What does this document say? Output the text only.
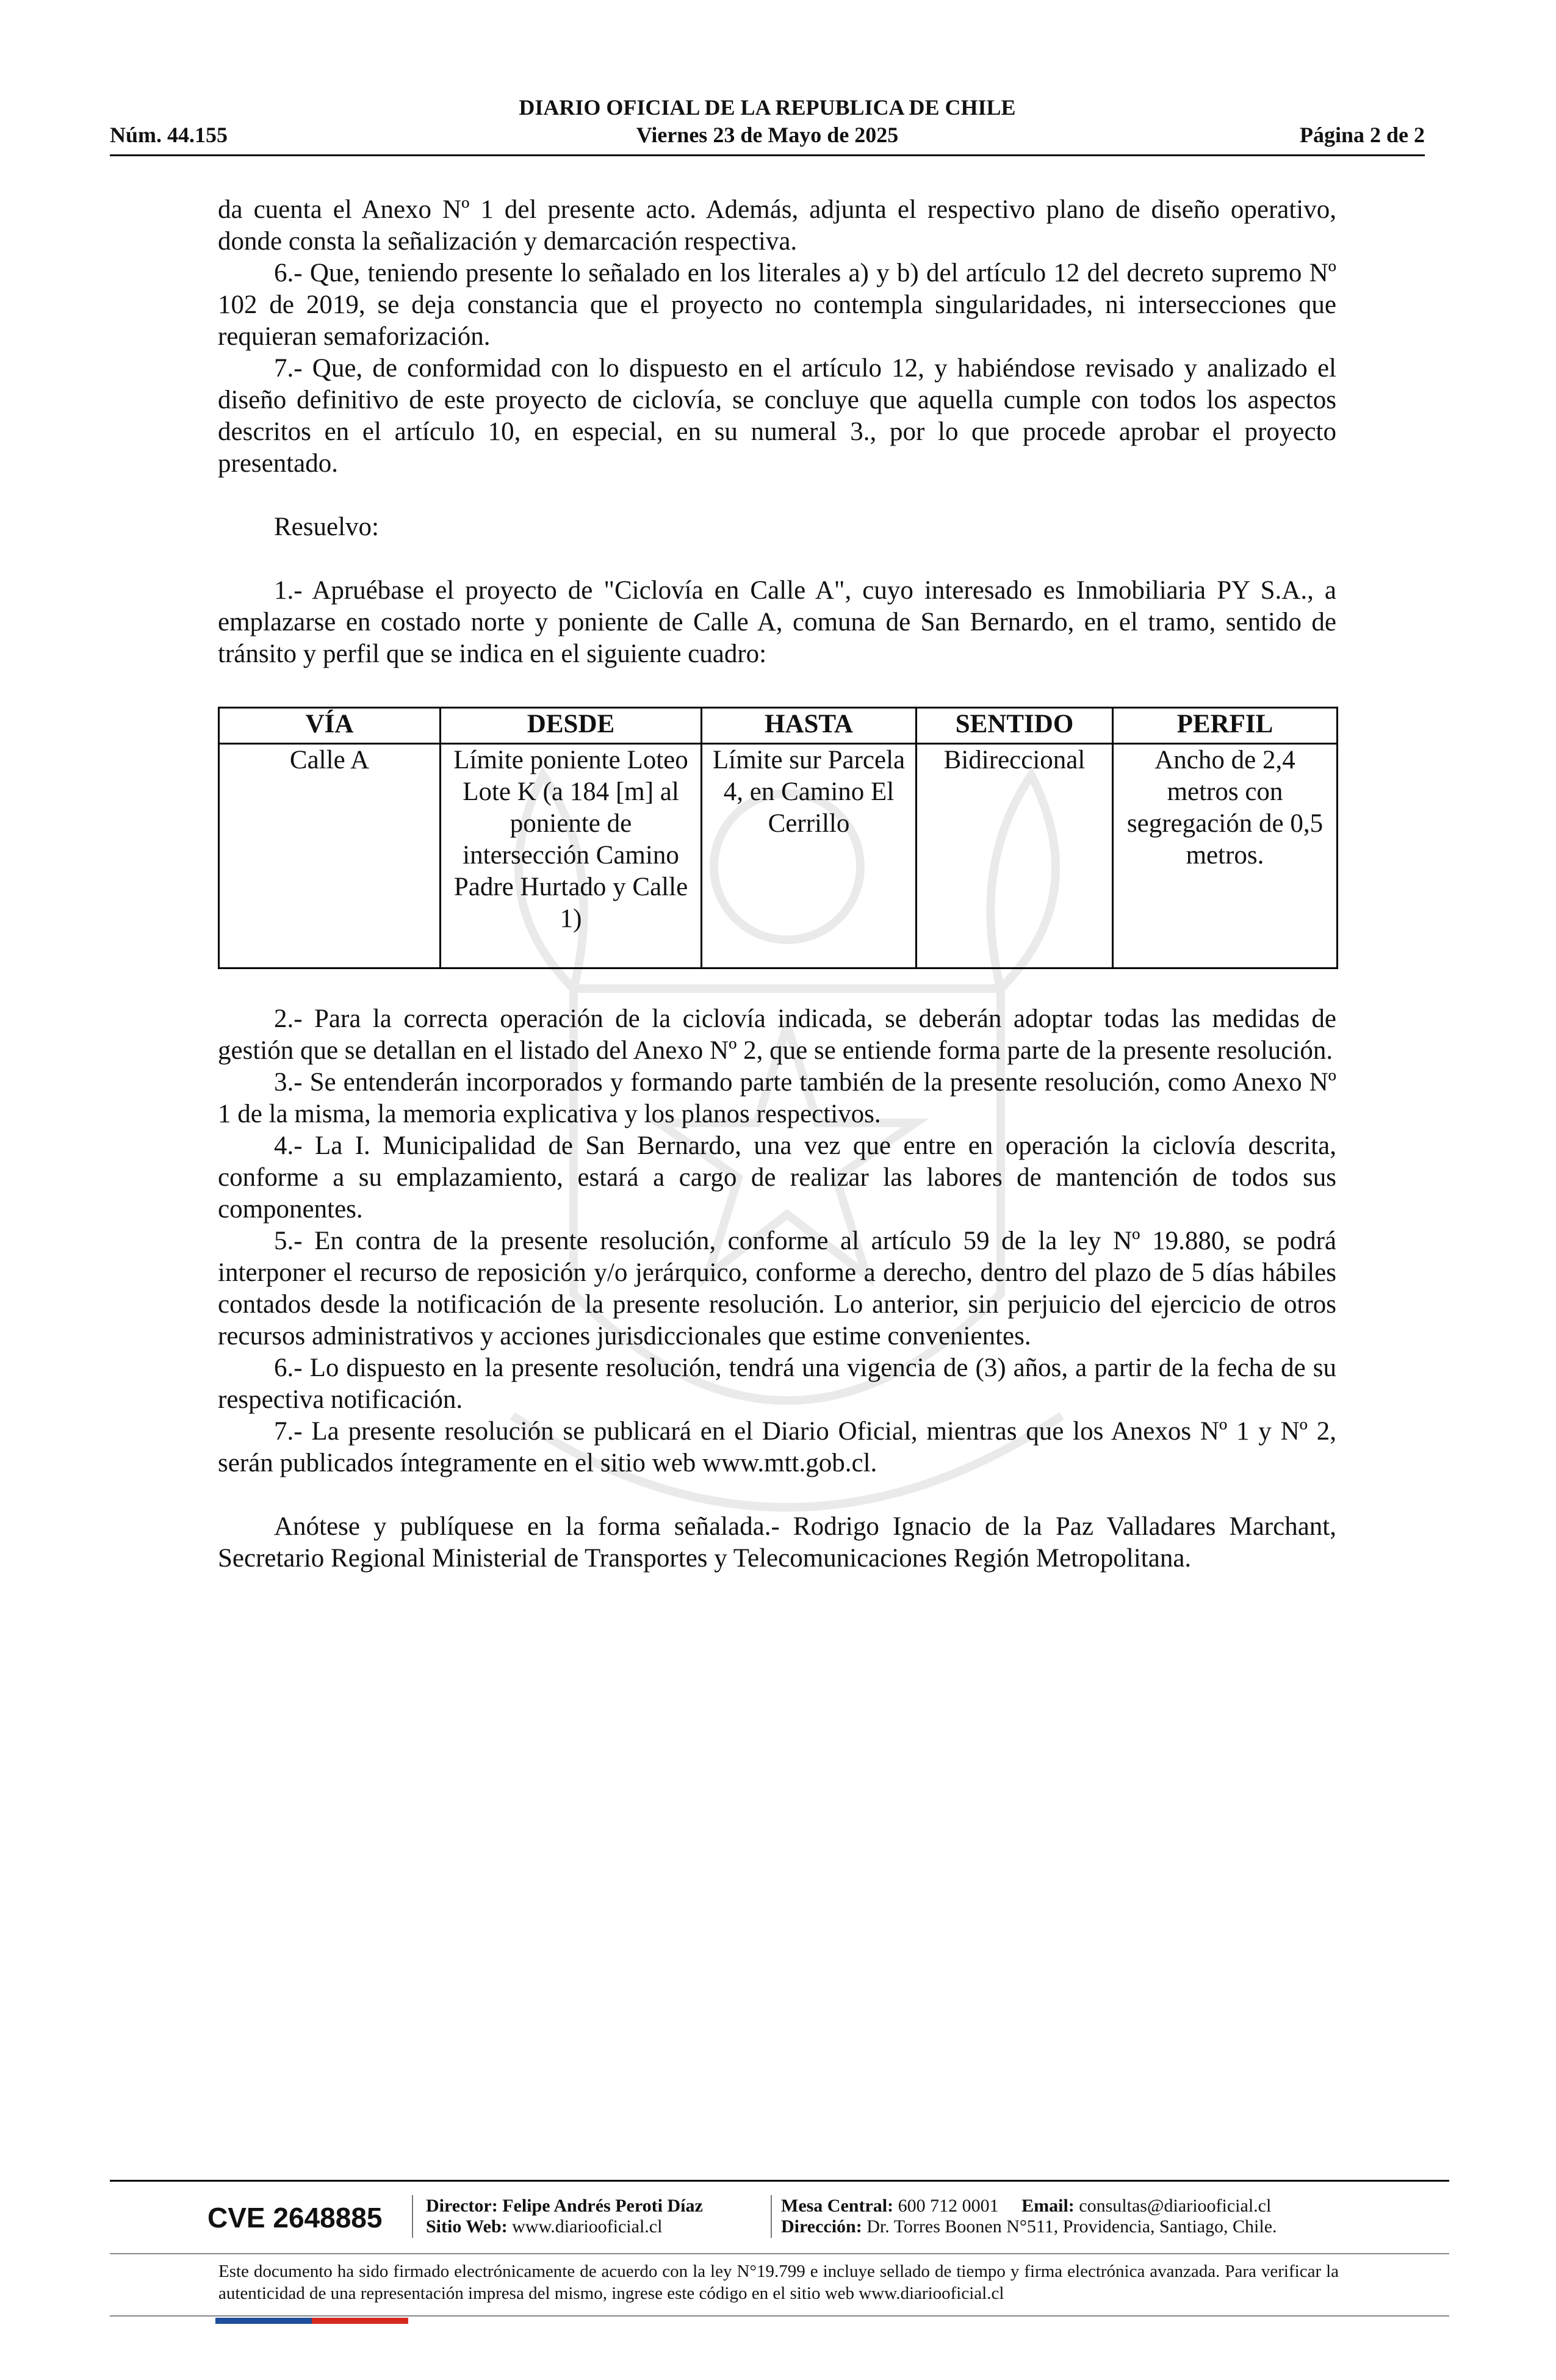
DIARIO OFICIAL DE LA REPUBLICA DE CHILE
Núm. 44.155	Viernes 23 de Mayo de 2025	Página 2 de 2

da cuenta el Anexo Nº 1 del presente acto. Además, adjunta el respectivo plano de diseño operativo, donde consta la señalización y demarcación respectiva.

6.- Que, teniendo presente lo señalado en los literales a) y b) del artículo 12 del decreto supremo Nº 102 de 2019, se deja constancia que el proyecto no contempla singularidades, ni intersecciones que requieran semaforización.

7.- Que, de conformidad con lo dispuesto en el artículo 12, y habiéndose revisado y analizado el diseño definitivo de este proyecto de ciclovía, se concluye que aquella cumple con todos los aspectos descritos en el artículo 10, en especial, en su numeral 3., por lo que procede aprobar el proyecto presentado.

Resuelvo:

1.- Apruébase el proyecto de "Ciclovía en Calle A", cuyo interesado es Inmobiliaria PY S.A., a emplazarse en costado norte y poniente de Calle A, comuna de San Bernardo, en el tramo, sentido de tránsito y perfil que se indica en el siguiente cuadro:

VÍA	DESDE	HASTA	SENTIDO	PERFIL
Calle A	Límite poniente Loteo Lote K (a 184 [m] al poniente de intersección Camino Padre Hurtado y Calle 1)	Límite sur Parcela 4, en Camino El Cerrillo	Bidireccional	Ancho de 2,4 metros con segregación de 0,5 metros.

2.- Para la correcta operación de la ciclovía indicada, se deberán adoptar todas las medidas de gestión que se detallan en el listado del Anexo Nº 2, que se entiende forma parte de la presente resolución.

3.- Se entenderán incorporados y formando parte también de la presente resolución, como Anexo Nº 1 de la misma, la memoria explicativa y los planos respectivos.

4.- La I. Municipalidad de San Bernardo, una vez que entre en operación la ciclovía descrita, conforme a su emplazamiento, estará a cargo de realizar las labores de mantención de todos sus componentes.

5.- En contra de la presente resolución, conforme al artículo 59 de la ley Nº 19.880, se podrá interponer el recurso de reposición y/o jerárquico, conforme a derecho, dentro del plazo de 5 días hábiles contados desde la notificación de la presente resolución. Lo anterior, sin perjuicio del ejercicio de otros recursos administrativos y acciones jurisdiccionales que estime convenientes.

6.- Lo dispuesto en la presente resolución, tendrá una vigencia de (3) años, a partir de la fecha de su respectiva notificación.

7.- La presente resolución se publicará en el Diario Oficial, mientras que los Anexos Nº 1 y Nº 2, serán publicados íntegramente en el sitio web www.mtt.gob.cl.

Anótese y publíquese en la forma señalada.- Rodrigo Ignacio de la Paz Valladares Marchant, Secretario Regional Ministerial de Transportes y Telecomunicaciones Región Metropolitana.

CVE 2648885 Director: Felipe Andrés Peroti Díaz
Sitio Web: www.diariooficial.cl
Mesa Central: 600 712 0001 Email: consultas@diariooficial.cl
Dirección: Dr. Torres Boonen N°511, Providencia, Santiago, Chile.
Este documento ha sido firmado electrónicamente de acuerdo con la ley N°19.799 e incluye sellado de tiempo y firma electrónica avanzada. Para verificar la autenticidad de una representación impresa del mismo, ingrese este código en el sitio web www.diariooficial.cl
